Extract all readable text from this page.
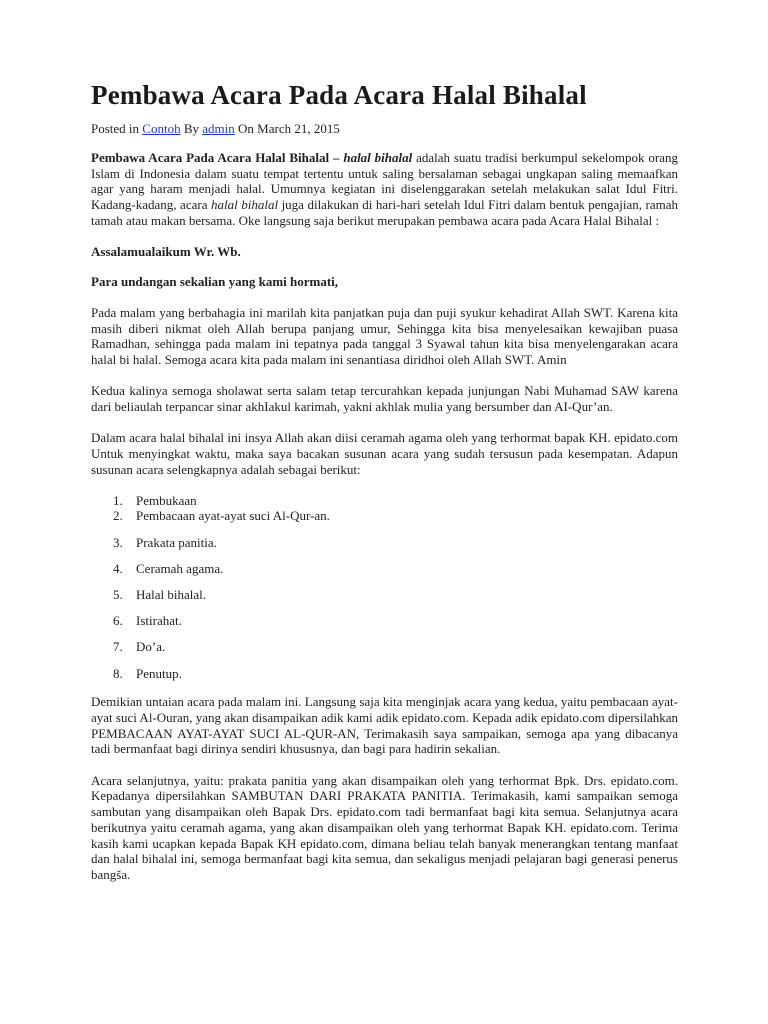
Pembawa Acara Pada Acara Halal Bihalal

Posted in Contoh By admin On March 21, 2015

Pembawa Acara Pada Acara Halal Bihalal – halal bihalal adalah suatu tradisi berkumpul sekelompok orang Islam di Indonesia dalam suatu tempat tertentu untuk saling bersalaman sebagai ungkapan saling memaafkan agar yang haram menjadi halal. Umumnya kegiatan ini diselenggarakan setelah melakukan salat Idul Fitri. Kadang-kadang, acara halal bihalal juga dilakukan di hari-hari setelah Idul Fitri dalam bentuk pengajian, ramah tamah atau makan bersama. Oke langsung saja berikut merupakan pembawa acara pada Acara Halal Bihalal :

Assalamualaikum Wr. Wb.

Para undangan sekalian yang kami hormati,

Pada malam yang berbahagia ini marilah kita panjatkan puja dan puji syukur kehadirat Allah SWT. Karena kita masih diberi nikmat oleh Allah berupa panjang umur, Sehingga kita bisa menyelesaikan kewajiban puasa Ramadhan, sehingga pada malam ini tepatnya pada tanggal 3 Syawal tahun kita bisa menyelengarakan acara halal bi halal. Semoga acara kita pada malam ini senantiasa diridhoi oleh Allah SWT. Amin

Kedua kalinya semoga sholawat serta salam tetap tercurahkan kepada junjungan Nabi Muhamad SAW karena dari beliaulah terpancar sinar akhIakul karimah, yakni akhlak mulia yang bersumber dan AI-Qur’an.

Dalam acara halal bihalal ini insya Allah akan diisi ceramah agama oleh yang terhormat bapak KH. epidato.com Untuk menyingkat waktu, maka saya bacakan susunan acara yang sudah tersusun pada kesempatan. Adapun susunan acara selengkapnya adalah sebagai berikut:

1.	Pembukaan
2.	Pembacaan ayat-ayat suci Al-Qur-an.
3.	Prakata panitia.
4.	Ceramah agama.
5.	Halal bihalal.
6.	Istirahat.
7.	Do’a.
8.	Penutup.

Demikian untaian acara pada malam ini. Langsung saja kita menginjak acara yang kedua, yaitu pembacaan ayat-ayat suci Al-Ouran, yang akan disampaikan adik kami adik epidato.com. Kepada adik epidato.com dipersilahkan PEMBACAAN AYAT-AYAT SUCI AL-QUR-AN, Terimakasih saya sampaikan, semoga apa yang dibacanya tadi bermanfaat bagi dirinya sendiri khususnya, dan bagi para hadirin sekalian.

Acara selanjutnya, yaitu: prakata panitia yang akan disampaikan oleh yang terhormat Bpk. Drs. epidato.com. Kepadanya dipersilahkan SAMBUTAN DARI PRAKATA PANITIA. Terimakasih, kami sampaikan semoga sambutan yang disampaikan oleh Bapak Drs. epidato.com tadi bermanfaat bagi kita semua. Selanjutnya acara berikutnya yaitu ceramah agama, yang akan disampaikan oleh yang terhormat Bapak KH. epidato.com. Terima kasih kami ucapkan kepada Bapak KH epidato.com, dimana beliau telah banyak menerangkan tentang manfaat dan halal bihalal ini, semoga bermanfaat bagi kita semua, dan sekaligus menjadi pelajaran bagi generasi penerus bangša.
